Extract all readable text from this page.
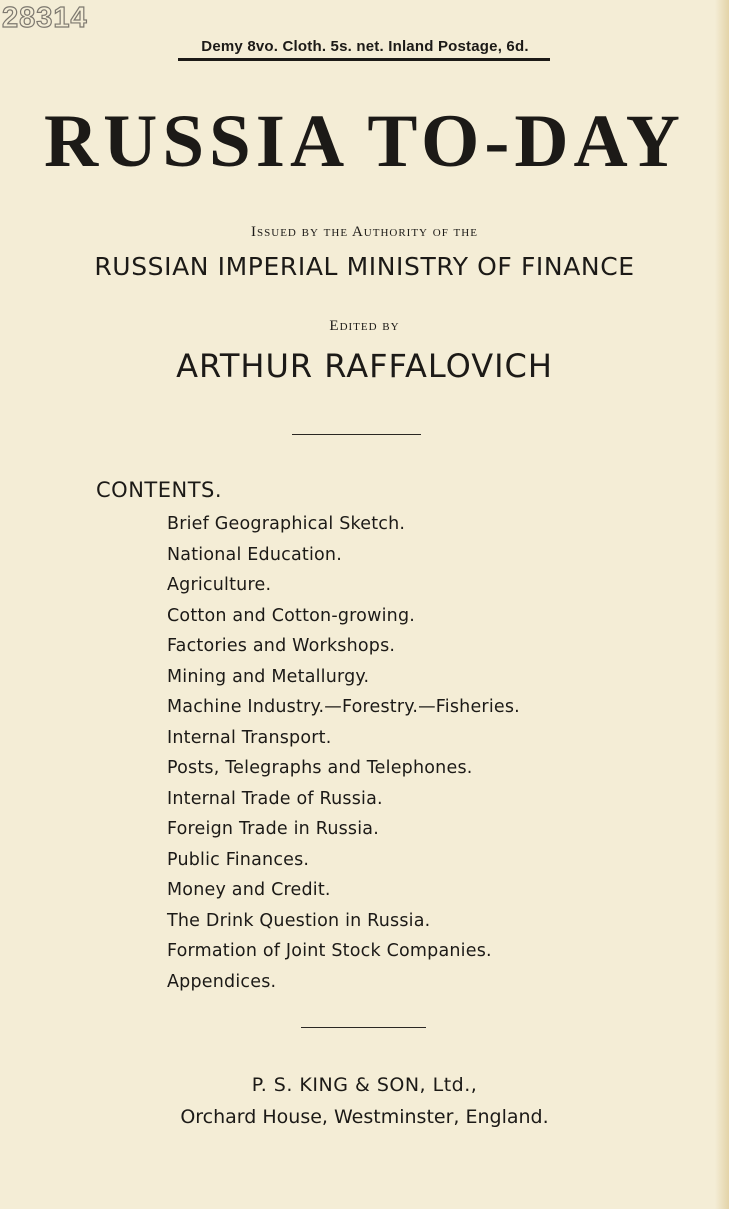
28314
Demy 8vo. Cloth. 5s. net. Inland Postage, 6d.
RUSSIA TO-DAY
Issued by the Authority of the
RUSSIAN IMPERIAL MINISTRY OF FINANCE
Edited by
ARTHUR RAFFALOVICH
CONTENTS.
Brief Geographical Sketch.
National Education.
Agriculture.
Cotton and Cotton-growing.
Factories and Workshops.
Mining and Metallurgy.
Machine Industry.—Forestry.—Fisheries.
Internal Transport.
Posts, Telegraphs and Telephones.
Internal Trade of Russia.
Foreign Trade in Russia.
Public Finances.
Money and Credit.
The Drink Question in Russia.
Formation of Joint Stock Companies.
Appendices.
P. S. KING & SON, Ltd.,
Orchard House, Westminster, England.
